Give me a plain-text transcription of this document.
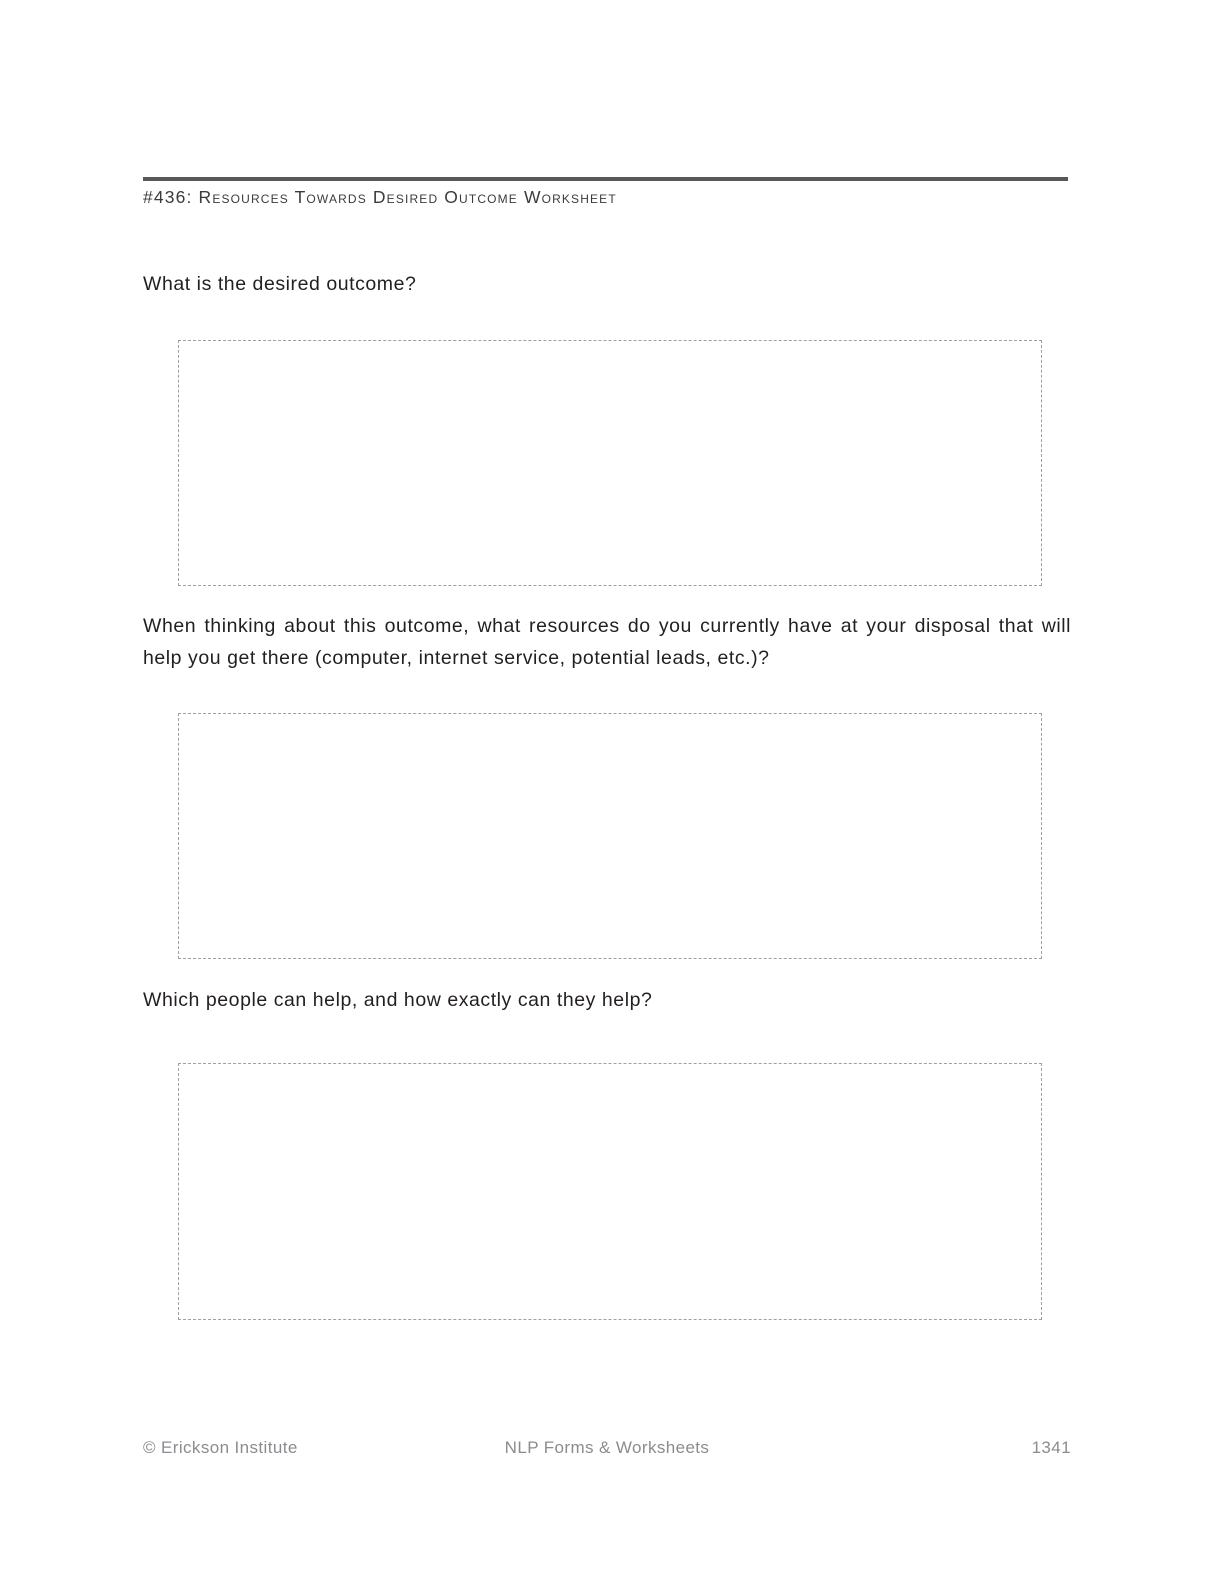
#436: Resources Towards Desired Outcome Worksheet
What is the desired outcome?
When thinking about this outcome, what resources do you currently have at your disposal that will help you get there (computer, internet service, potential leads, etc.)?
Which people can help, and how exactly can they help?
© Erickson Institute	NLP Forms & Worksheets	1341
